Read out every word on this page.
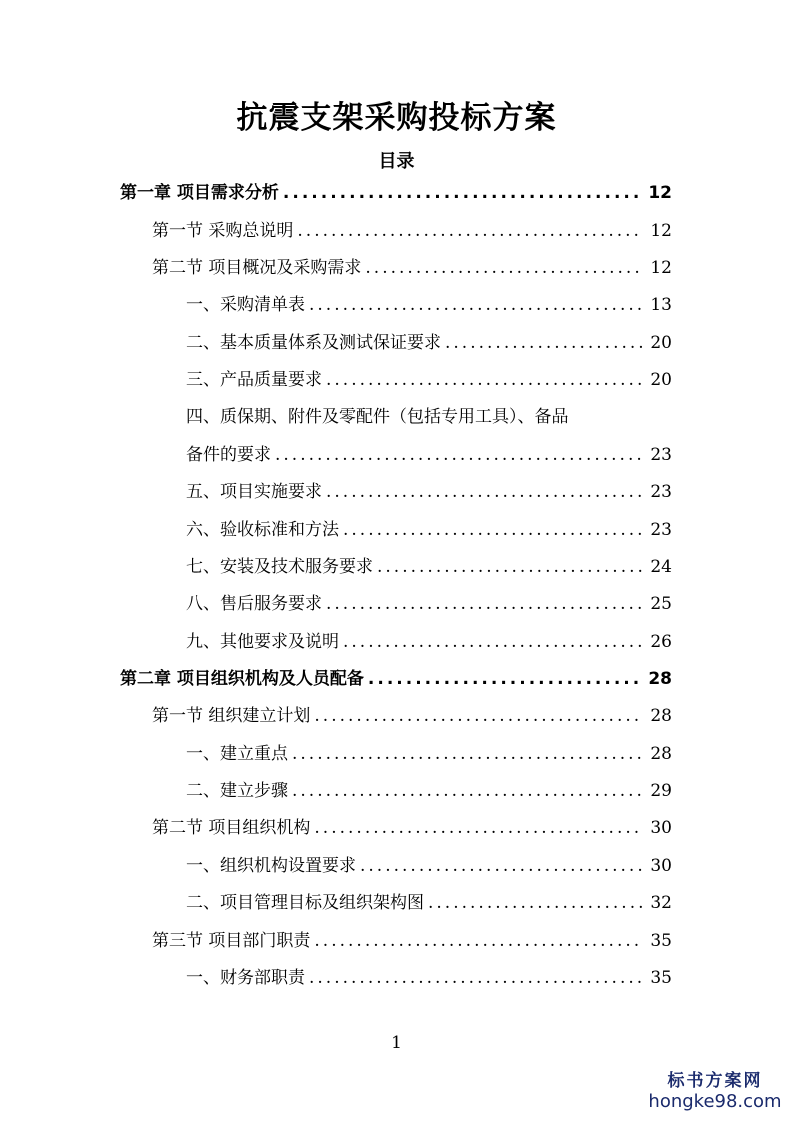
抗震支架采购投标方案
目录
第一章 项目需求分析 .....	12
第一节 采购总说明 .....	12
第二节 项目概况及采购需求 .....	12
一、采购清单表 .....	13
二、基本质量体系及测试保证要求 .....	20
三、产品质量要求 .....	20
四、质保期、附件及零配件（包括专用工具）、备品
备件的要求 .....	23
五、项目实施要求 .....	23
六、验收标准和方法 .....	23
七、安装及技术服务要求 .....	24
八、售后服务要求 .....	25
九、其他要求及说明 .....	26
第二章 项目组织机构及人员配备 .....	28
第一节 组织建立计划 .....	28
一、建立重点 .....	28
二、建立步骤 .....	29
第二节 项目组织机构 .....	30
一、组织机构设置要求 .....	30
二、项目管理目标及组织架构图 .....	32
第三节 项目部门职责 .....	35
一、财务部职责 .....	35
1
标书方案网
hongke98.com
